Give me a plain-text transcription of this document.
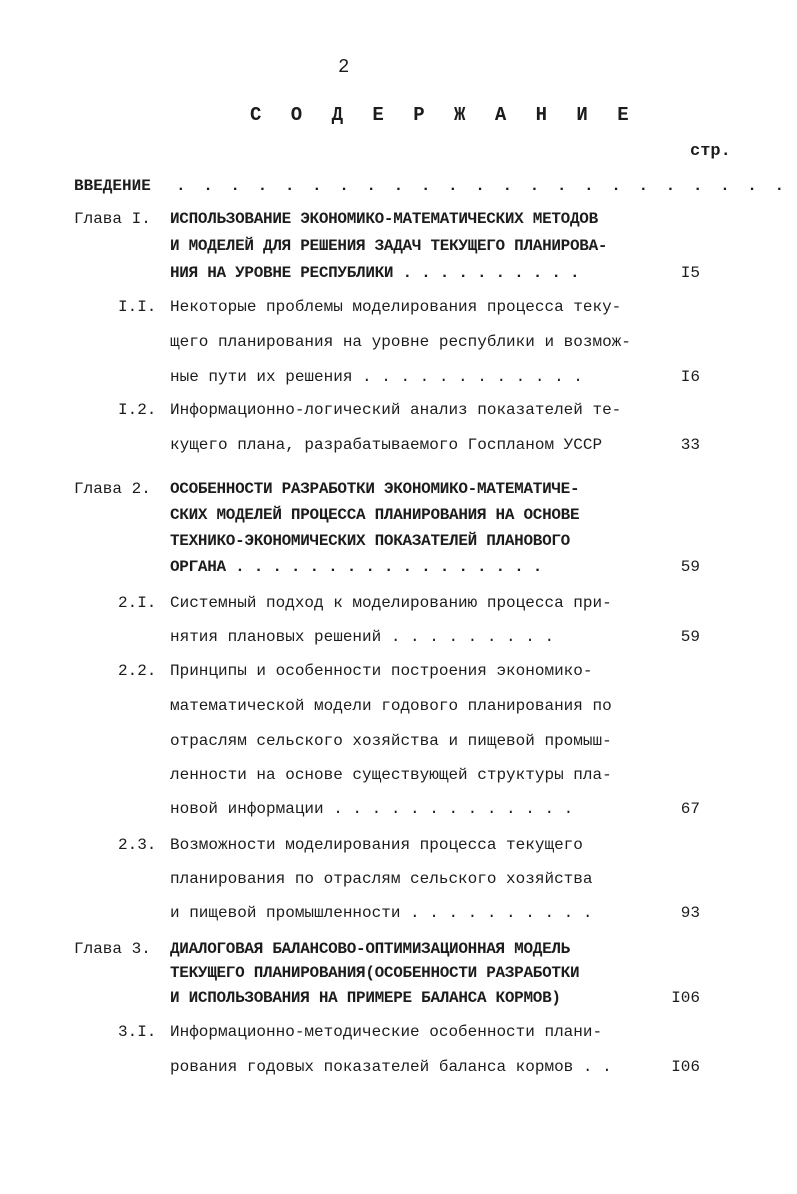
2
С О Д Е Р Ж А Н И Е
стр.
ВВЕДЕНИЕ . . . . . . . . . . . . . . . . . . . . . . .
Глава I. ИСПОЛЬЗОВАНИЕ ЭКОНОМИКО-МАТЕМАТИЧЕСКИХ МЕТОДОВ
И МОДЕЛЕЙ ДЛЯ РЕШЕНИЯ ЗАДАЧ ТЕКУЩЕГО ПЛАНИРОВА-
НИЯ НА УРОВНЕ РЕСПУБЛИКИ . . . . . . . . . .	I5
I.I. Некоторые проблемы моделирования процесса теку-
щего планирования на уровне республики и возмож-
ные пути их решения . . . . . . . . . . . .	I6
I.2. Информационно-логический анализ показателей те-
кущего плана, разрабатываемого Госпланом УССР	33
Глава 2. ОСОБЕННОСТИ РАЗРАБОТКИ ЭКОНОМИКО-МАТЕМАТИЧЕ-
СКИХ МОДЕЛЕЙ ПРОЦЕССА ПЛАНИРОВАНИЯ НА ОСНОВЕ
ТЕХНИКО-ЭКОНОМИЧЕСКИХ ПОКАЗАТЕЛЕЙ ПЛАНОВОГО
ОРГАНА . . . . . . . . . . . . . . . . .	59
2.I. Системный подход к моделированию процесса при-
нятия плановых решений . . . . . . . . .	59
2.2. Принципы и особенности построения экономико-
математической модели годового планирования по
отраслям сельского хозяйства и пищевой промыш-
ленности на основе существующей структуры пла-
новой информации . . . . . . . . . . . . .	67
2.3. Возможности моделирования процесса текущего
планирования по отраслям сельского хозяйства
и пищевой промышленности . . . . . . . . . .	93
Глава 3. ДИАЛОГОВАЯ БАЛАНСОВО-ОПТИМИЗАЦИОННАЯ МОДЕЛЬ
ТЕКУЩЕГО ПЛАНИРОВАНИЯ(ОСОБЕННОСТИ РАЗРАБОТКИ
И ИСПОЛЬЗОВАНИЯ НА ПРИМЕРЕ БАЛАНСА КОРМОВ)	I06
3.I. Информационно-методические особенности плани-
рования годовых показателей баланса кормов . .	I06
